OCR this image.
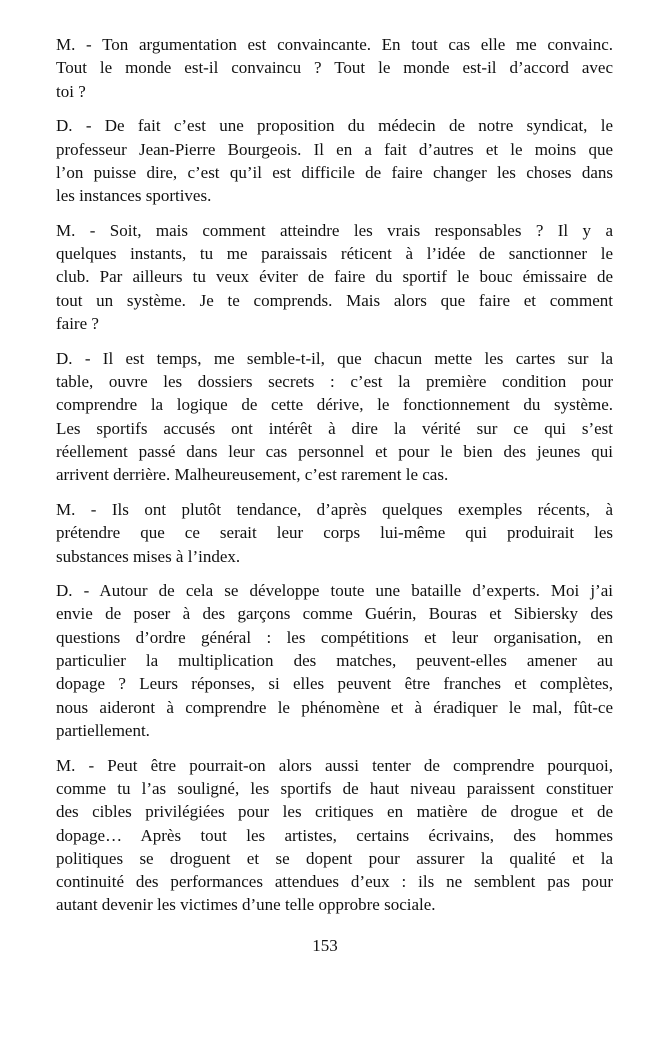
M. - Ton argumentation est convaincante. En tout cas elle me convainc.
Tout le monde est-il convaincu ? Tout le monde est-il d’accord avec
toi ?
D. - De fait c’est une proposition du médecin de notre syndicat, le
professeur Jean-Pierre Bourgeois. Il en a fait d’autres et le moins que
l’on puisse dire, c’est qu’il est difficile de faire changer les choses dans
les instances sportives.
M. - Soit, mais comment atteindre les vrais responsables ? Il y a
quelques instants, tu me paraissais réticent à l’idée de sanctionner le
club. Par ailleurs tu veux éviter de faire du sportif le bouc émissaire de
tout un système. Je te comprends. Mais alors que faire et comment
faire ?
D. - Il est temps, me semble-t-il, que chacun mette les cartes sur la
table, ouvre les dossiers secrets : c’est la première condition pour
comprendre la logique de cette dérive, le fonctionnement du système.
Les sportifs accusés ont intérêt à dire la vérité sur ce qui s’est
réellement passé dans leur cas personnel et pour le bien des jeunes qui
arrivent derrière. Malheureusement, c’est rarement le cas.
M. - Ils ont plutôt tendance, d’après quelques exemples récents, à
prétendre que ce serait leur corps lui-même qui produirait les
substances mises à l’index.
D. - Autour de cela se développe toute une bataille d’experts. Moi j’ai
envie de poser à des garçons comme Guérin, Bouras et Sibiersky des
questions d’ordre général : les compétitions et leur organisation, en
particulier la multiplication des matches, peuvent-elles amener au
dopage ? Leurs réponses, si elles peuvent être franches et complètes,
nous aideront à comprendre le phénomène et à éradiquer le mal, fût-ce
partiellement.
M. - Peut être pourrait-on alors aussi tenter de comprendre pourquoi,
comme tu l’as souligné, les sportifs de haut niveau paraissent constituer
des cibles privilégiées pour les critiques en matière de drogue et de
dopage… Après tout les artistes, certains écrivains, des hommes
politiques se droguent et se dopent pour assurer la qualité et la
continuité des performances attendues d’eux : ils ne semblent pas pour
autant devenir les victimes d’une telle opprobre sociale.
153
